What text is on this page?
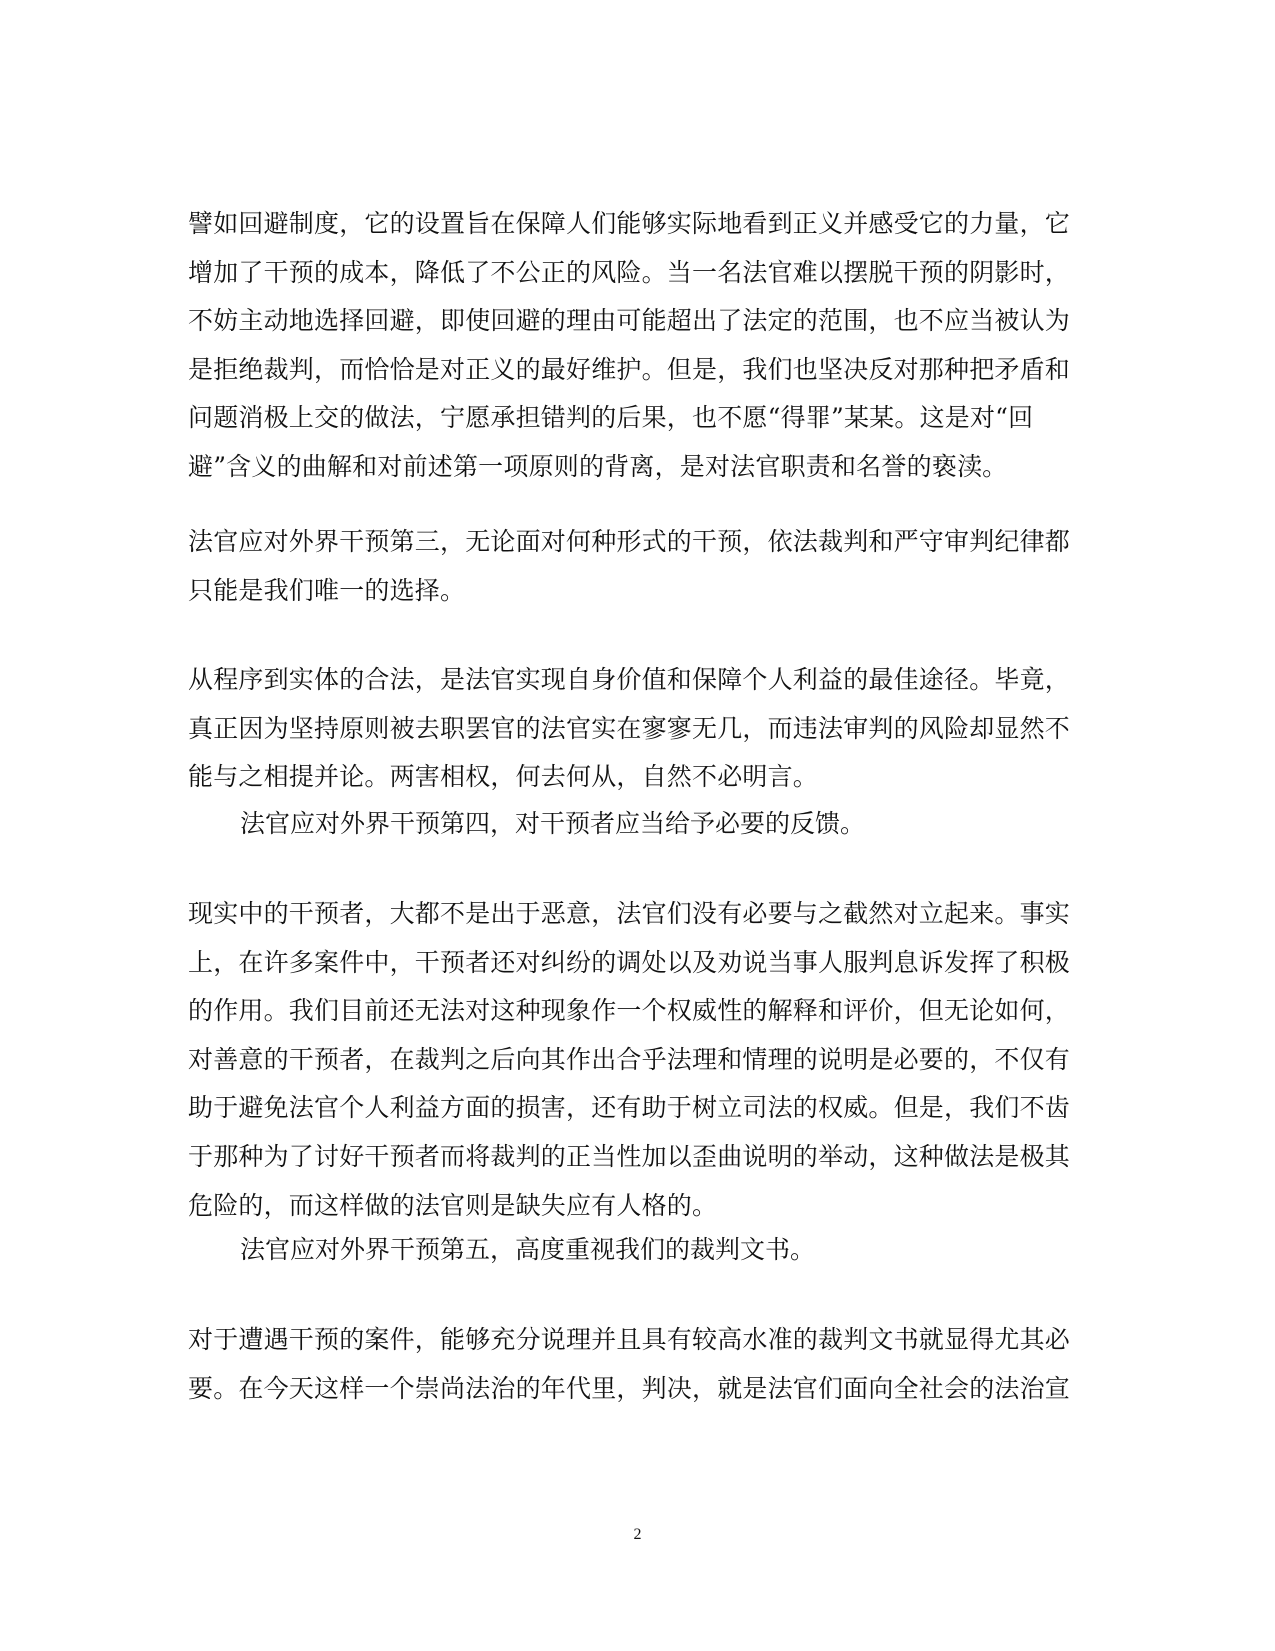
譬如回避制度，它的设置旨在保障人们能够实际地看到正义并感受它的力量，它
增加了干预的成本，降低了不公正的风险。当一名法官难以摆脱干预的阴影时，
不妨主动地选择回避，即使回避的理由可能超出了法定的范围，也不应当被认为
是拒绝裁判，而恰恰是对正义的最好维护。但是，我们也坚决反对那种把矛盾和
问题消极上交的做法，宁愿承担错判的后果，也不愿“得罪”某某。这是对“回
避”含义的曲解和对前述第一项原则的背离，是对法官职责和名誉的亵渎。
法官应对外界干预第三，无论面对何种形式的干预，依法裁判和严守审判纪律都
只能是我们唯一的选择。
从程序到实体的合法，是法官实现自身价值和保障个人利益的最佳途径。毕竟，
真正因为坚持原则被去职罢官的法官实在寥寥无几，而违法审判的风险却显然不
能与之相提并论。两害相权，何去何从，自然不必明言。
法官应对外界干预第四，对干预者应当给予必要的反馈。
现实中的干预者，大都不是出于恶意，法官们没有必要与之截然对立起来。事实
上，在许多案件中，干预者还对纠纷的调处以及劝说当事人服判息诉发挥了积极
的作用。我们目前还无法对这种现象作一个权威性的解释和评价，但无论如何，
对善意的干预者，在裁判之后向其作出合乎法理和情理的说明是必要的，不仅有
助于避免法官个人利益方面的损害，还有助于树立司法的权威。但是，我们不齿
于那种为了讨好干预者而将裁判的正当性加以歪曲说明的举动，这种做法是极其
危险的，而这样做的法官则是缺失应有人格的。
法官应对外界干预第五，高度重视我们的裁判文书。
对于遭遇干预的案件，能够充分说理并且具有较高水准的裁判文书就显得尤其必
要。在今天这样一个崇尚法治的年代里，判决，就是法官们面向全社会的法治宣
2
